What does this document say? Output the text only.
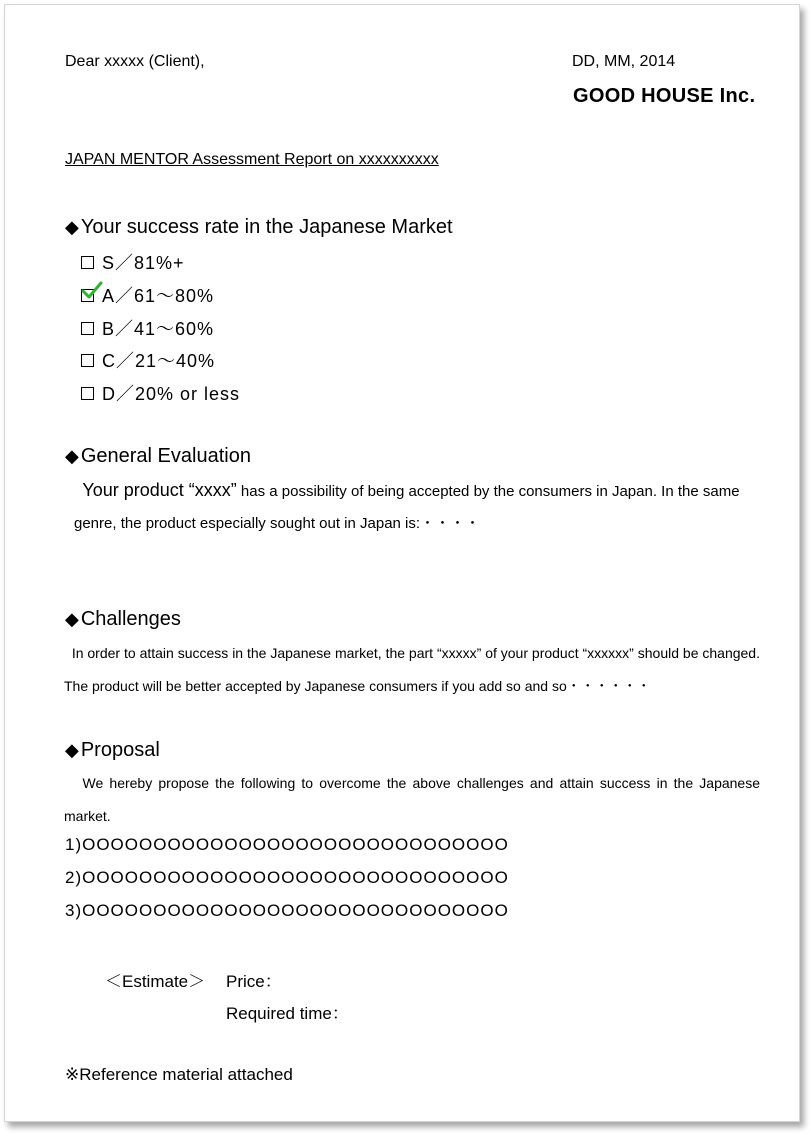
Dear xxxxx (Client),	DD, MM, 2014
GOOD HOUSE Inc.
JAPAN MENTOR Assessment Report on xxxxxxxxxx
◆ Your success rate in the Japanese Market
S／81%+
A／61～80%
B／41～60%
C／21～40%
D／20% or less
◆ General Evaluation
Your product “xxxx” has a possibility of being accepted by the consumers in Japan. In the same genre, the product especially sought out in Japan is:・・・・
◆ Challenges
In order to attain success in the Japanese market, the part “xxxxx” of your product “xxxxxx” should be changed. The product will be better accepted by Japanese consumers if you add so and so・・・・・・
◆ Proposal
We hereby propose the following to overcome the above challenges and attain success in the Japanese market.
1)OOOOOOOOOOOOOOOOOOOOOOOOOOOOOO
2)OOOOOOOOOOOOOOOOOOOOOOOOOOOOOO
3)OOOOOOOOOOOOOOOOOOOOOOOOOOOOOO
＜Estimate＞ Price：
Required time：
※Reference material attached
